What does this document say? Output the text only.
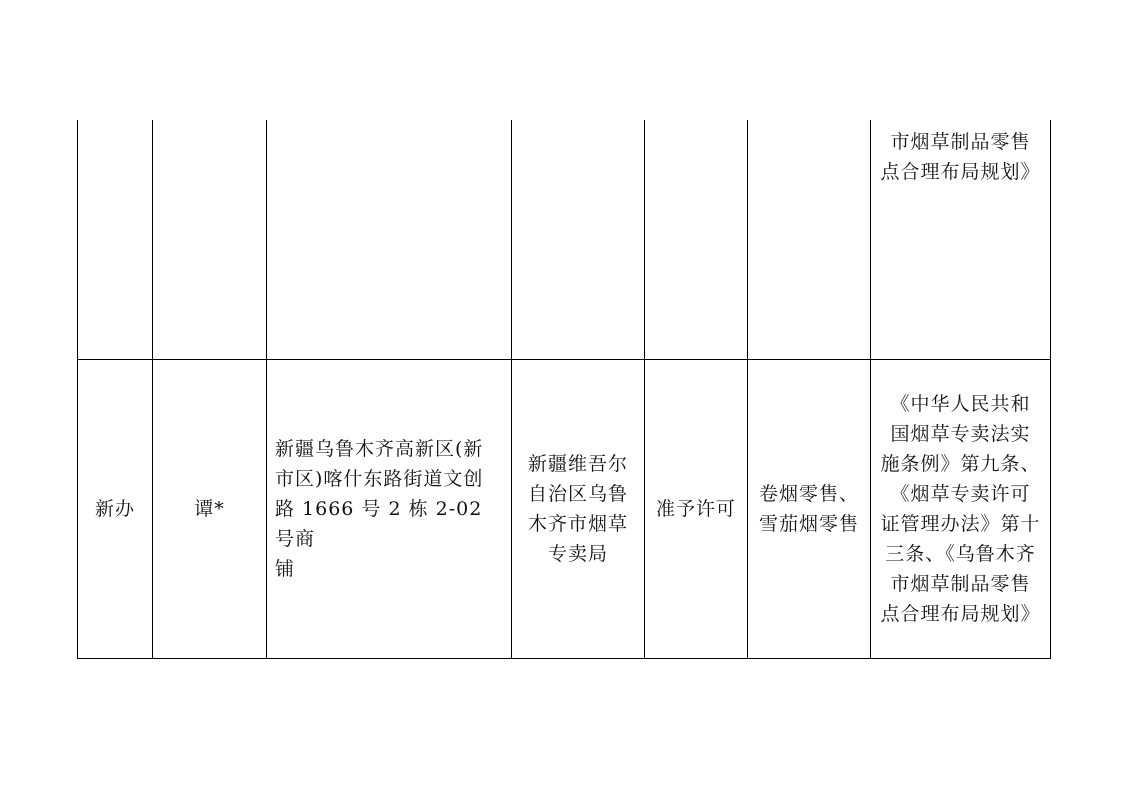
市烟草制品零售
点合理布局规划》
新办	谭*
新疆乌鲁木齐高新区(新
市区)喀什东路街道文创
路 1666 号 2 栋 2-02 号商
铺
新疆维吾尔
自治区乌鲁
木齐市烟草
专卖局
准予许可
卷烟零售、
雪茄烟零售
《中华人民共和
国烟草专卖法实
施条例》第九条、
《烟草专卖许可
证管理办法》第十
三条、《乌鲁木齐
市烟草制品零售
点合理布局规划》
